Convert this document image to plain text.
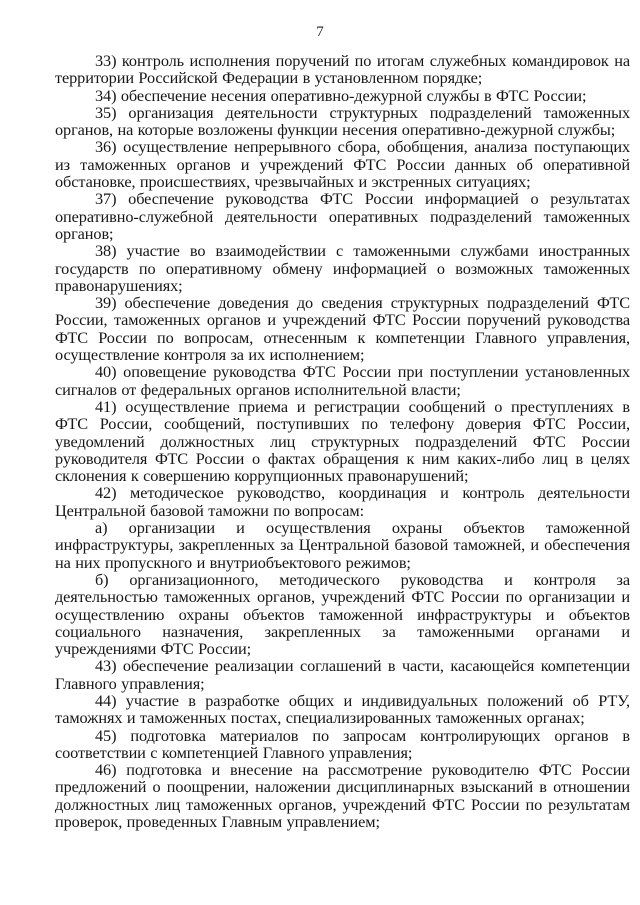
7

33) контроль исполнения поручений по итогам служебных командировок на территории Российской Федерации в установленном порядке;

34) обеспечение несения оперативно-дежурной службы в ФТС России;

35) организация деятельности структурных подразделений таможенных органов, на которые возложены функции несения оперативно-дежурной службы;

36) осуществление непрерывного сбора, обобщения, анализа поступающих из таможенных органов и учреждений ФТС России данных об оперативной обстановке, происшествиях, чрезвычайных и экстренных ситуациях;

37) обеспечение руководства ФТС России информацией о результатах оперативно-служебной деятельности оперативных подразделений таможенных органов;

38) участие во взаимодействии с таможенными службами иностранных государств по оперативному обмену информацией о возможных таможенных правонарушениях;

39) обеспечение доведения до сведения структурных подразделений ФТС России, таможенных органов и учреждений ФТС России поручений руководства ФТС России по вопросам, отнесенным к компетенции Главного управления, осуществление контроля за их исполнением;

40) оповещение руководства ФТС России при поступлении установленных сигналов от федеральных органов исполнительной власти;

41) осуществление приема и регистрации сообщений о преступлениях в ФТС России, сообщений, поступивших по телефону доверия ФТС России, уведомлений должностных лиц структурных подразделений ФТС России руководителя ФТС России о фактах обращения к ним каких-либо лиц в целях склонения к совершению коррупционных правонарушений;

42) методическое руководство, координация и контроль деятельности Центральной базовой таможни по вопросам:

а) организации и осуществления охраны объектов таможенной инфраструктуры, закрепленных за Центральной базовой таможней, и обеспечения на них пропускного и внутриобъектового режимов;

б) организационного, методического руководства и контроля за деятельностью таможенных органов, учреждений ФТС России по организации и осуществлению охраны объектов таможенной инфраструктуры и объектов социального назначения, закрепленных за таможенными органами и учреждениями ФТС России;

43) обеспечение реализации соглашений в части, касающейся компетенции Главного управления;

44) участие в разработке общих и индивидуальных положений об РТУ, таможнях и таможенных постах, специализированных таможенных органах;

45) подготовка материалов по запросам контролирующих органов в соответствии с компетенцией Главного управления;

46) подготовка и внесение на рассмотрение руководителю ФТС России предложений о поощрении, наложении дисциплинарных взысканий в отношении должностных лиц таможенных органов, учреждений ФТС России по результатам проверок, проведенных Главным управлением;
